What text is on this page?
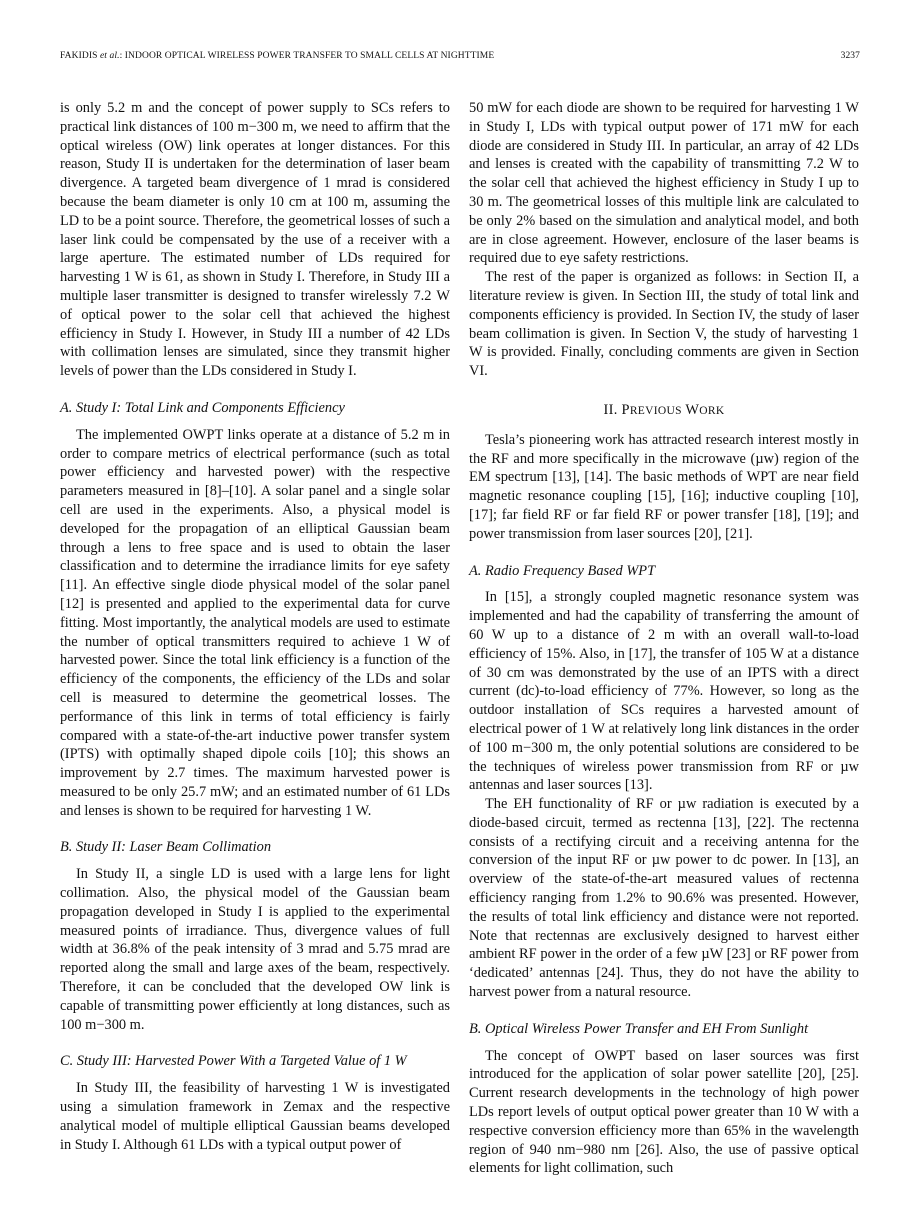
FAKIDIS et al.: INDOOR OPTICAL WIRELESS POWER TRANSFER TO SMALL CELLS AT NIGHTTIME	3237

is only 5.2 m and the concept of power supply to SCs refers to practical link distances of 100 m−300 m, we need to affirm that the optical wireless (OW) link operates at longer distances. For this reason, Study II is undertaken for the determination of laser beam divergence. A targeted beam divergence of 1 mrad is considered because the beam diameter is only 10 cm at 100 m, assuming the LD to be a point source. Therefore, the geometrical losses of such a laser link could be compensated by the use of a receiver with a large aperture. The estimated number of LDs required for harvesting 1 W is 61, as shown in Study I. Therefore, in Study III a multiple laser transmitter is designed to transfer wirelessly 7.2 W of optical power to the solar cell that achieved the highest efficiency in Study I. However, in Study III a number of 42 LDs with collimation lenses are simulated, since they transmit higher levels of power than the LDs considered in Study I.

A. Study I: Total Link and Components Efficiency

The implemented OWPT links operate at a distance of 5.2 m in order to compare metrics of electrical performance (such as total power efficiency and harvested power) with the respective parameters measured in [8]–[10]. A solar panel and a single solar cell are used in the experiments. Also, a physical model is developed for the propagation of an elliptical Gaussian beam through a lens to free space and is used to obtain the laser classification and to determine the irradiance limits for eye safety [11]. An effective single diode physical model of the solar panel [12] is presented and applied to the experimental data for curve fitting. Most importantly, the analytical models are used to estimate the number of optical transmitters required to achieve 1 W of harvested power. Since the total link efficiency is a function of the efficiency of the components, the efficiency of the LDs and solar cell is measured to determine the geometrical losses. The performance of this link in terms of total efficiency is fairly compared with a state-of-the-art inductive power transfer system (IPTS) with optimally shaped dipole coils [10]; this shows an improvement by 2.7 times. The maximum harvested power is measured to be only 25.7 mW; and an estimated number of 61 LDs and lenses is shown to be required for harvesting 1 W.

B. Study II: Laser Beam Collimation

In Study II, a single LD is used with a large lens for light collimation. Also, the physical model of the Gaussian beam propagation developed in Study I is applied to the experimental measured points of irradiance. Thus, divergence values of full width at 36.8% of the peak intensity of 3 mrad and 5.75 mrad are reported along the small and large axes of the beam, respectively. Therefore, it can be concluded that the developed OW link is capable of transmitting power efficiently at long distances, such as 100 m−300 m.

C. Study III: Harvested Power With a Targeted Value of 1 W

In Study III, the feasibility of harvesting 1 W is investigated using a simulation framework in Zemax and the respective analytical model of multiple elliptical Gaussian beams developed in Study I. Although 61 LDs with a typical output power of

50 mW for each diode are shown to be required for harvesting 1 W in Study I, LDs with typical output power of 171 mW for each diode are considered in Study III. In particular, an array of 42 LDs and lenses is created with the capability of transmitting 7.2 W to the solar cell that achieved the highest efficiency in Study I up to 30 m. The geometrical losses of this multiple link are calculated to be only 2% based on the simulation and analytical model, and both are in close agreement. However, enclosure of the laser beams is required due to eye safety restrictions.

The rest of the paper is organized as follows: in Section II, a literature review is given. In Section III, the study of total link and components efficiency is provided. In Section IV, the study of laser beam collimation is given. In Section V, the study of harvesting 1 W is provided. Finally, concluding comments are given in Section VI.

II. PREVIOUS WORK

Tesla’s pioneering work has attracted research interest mostly in the RF and more specifically in the microwave (µw) region of the EM spectrum [13], [14]. The basic methods of WPT are near field magnetic resonance coupling [15], [16]; inductive coupling [10], [17]; far field RF or far field RF or power transfer [18], [19]; and power transmission from laser sources [20], [21].

A. Radio Frequency Based WPT

In [15], a strongly coupled magnetic resonance system was implemented and had the capability of transferring the amount of 60 W up to a distance of 2 m with an overall wall-to-load efficiency of 15%. Also, in [17], the transfer of 105 W at a distance of 30 cm was demonstrated by the use of an IPTS with a direct current (dc)-to-load efficiency of 77%. However, so long as the outdoor installation of SCs requires a harvested amount of electrical power of 1 W at relatively long link distances in the order of 100 m−300 m, the only potential solutions are considered to be the techniques of wireless power transmission from RF or µw antennas and laser sources [13].

The EH functionality of RF or µw radiation is executed by a diode-based circuit, termed as rectenna [13], [22]. The rectenna consists of a rectifying circuit and a receiving antenna for the conversion of the input RF or µw power to dc power. In [13], an overview of the state-of-the-art measured values of rectenna efficiency ranging from 1.2% to 90.6% was presented. However, the results of total link efficiency and distance were not reported. Note that rectennas are exclusively designed to harvest either ambient RF power in the order of a few µW [23] or RF power from ‘dedicated’ antennas [24]. Thus, they do not have the ability to harvest power from a natural resource.

B. Optical Wireless Power Transfer and EH From Sunlight

The concept of OWPT based on laser sources was first introduced for the application of solar power satellite [20], [25]. Current research developments in the technology of high power LDs report levels of output optical power greater than 10 W with a respective conversion efficiency more than 65% in the wavelength region of 940 nm−980 nm [26]. Also, the use of passive optical elements for light collimation, such
